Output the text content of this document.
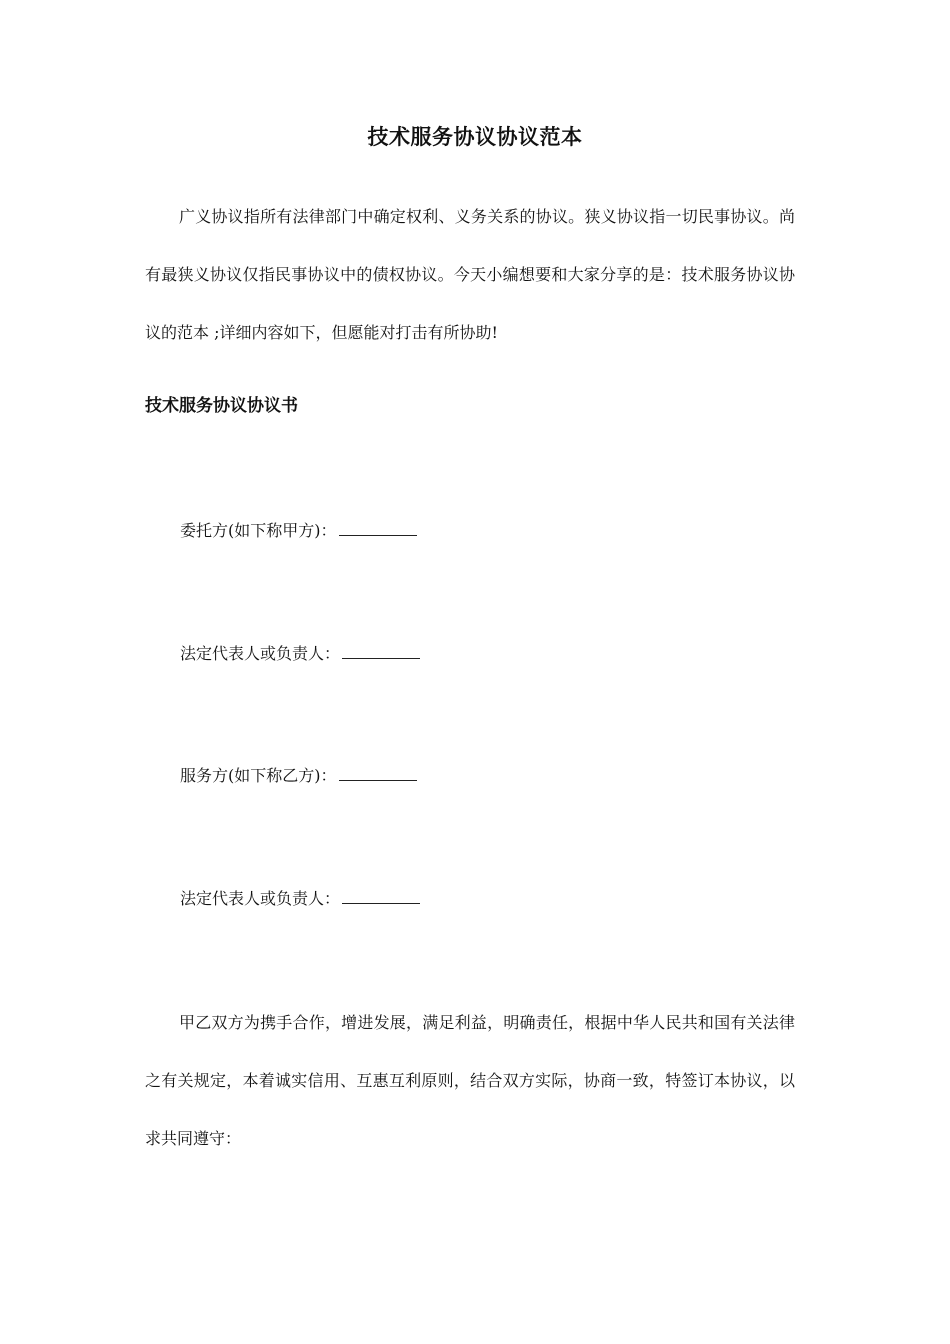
技术服务协议协议范本

广义协议指所有法律部门中确定权利、义务关系的协议。狭义协议指一切民事协议。尚有最狭义协议仅指民事协议中的债权协议。今天小编想要和大家分享的是：技术服务协议协议的范本 ;详细内容如下，但愿能对打击有所协助!

技术服务协议协议书
委托方(如下称甲方)：
法定代表人或负责人：
服务方(如下称乙方)：
法定代表人或负责人：

甲乙双方为携手合作，增进发展，满足利益，明确责任，根据中华人民共和国有关法律之有关规定，本着诚实信用、互惠互利原则，结合双方实际，协商一致，特签订本协议，以求共同遵守：
